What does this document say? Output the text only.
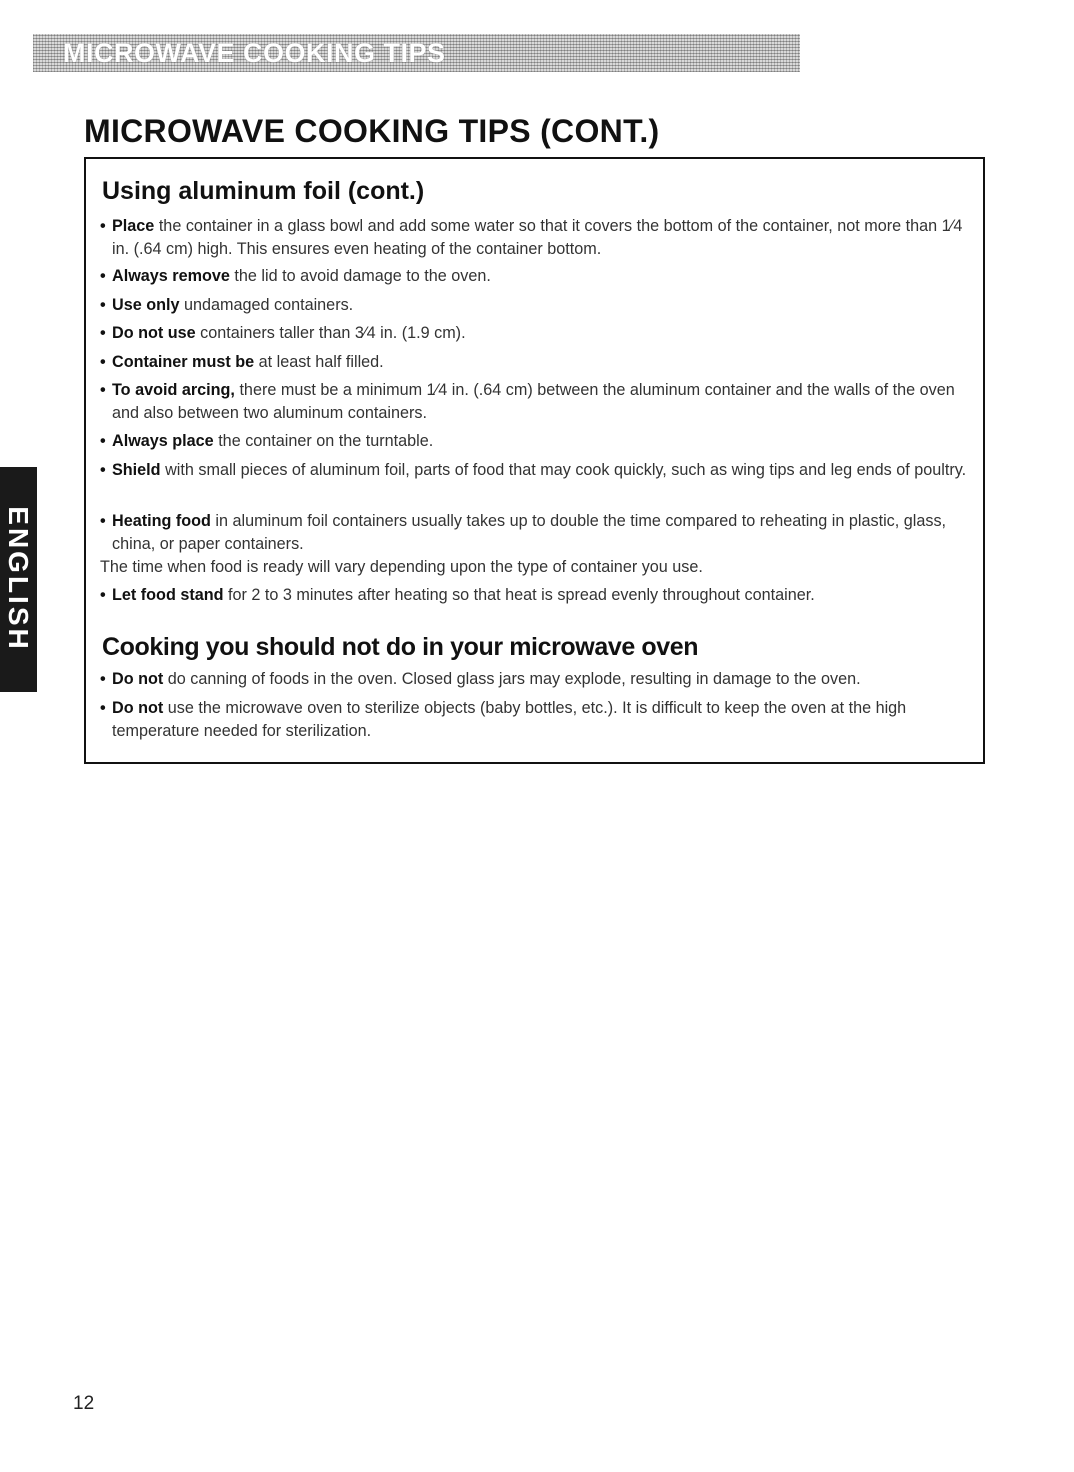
MICROWAVE COOKING TIPS
MICROWAVE COOKING TIPS (CONT.)
Using aluminum foil (cont.)
• Place the container in a glass bowl and add some water so that it covers the bottom of the container, not more than 1⁄4 in. (.64 cm) high. This ensures even heating of the container bottom.
• Always remove the lid to avoid damage to the oven.
• Use only undamaged containers.
• Do not use containers taller than 3⁄4 in. (1.9 cm).
• Container must be at least half filled.
• To avoid arcing, there must be a minimum 1⁄4 in. (.64 cm) between the aluminum container and the walls of the oven and also between two aluminum containers.
• Always place the container on the turntable.
• Shield with small pieces of aluminum foil, parts of food that may cook quickly, such as wing tips and leg ends of poultry.
• Heating food in aluminum foil containers usually takes up to double the time compared to reheating in plastic, glass, china, or paper containers.
The time when food is ready will vary depending upon the type of container you use.
• Let food stand for 2 to 3 minutes after heating so that heat is spread evenly throughout container.
Cooking you should not do in your microwave oven
• Do not do canning of foods in the oven. Closed glass jars may explode, resulting in damage to the oven.
• Do not use the microwave oven to sterilize objects (baby bottles, etc.). It is difficult to keep the oven at the high temperature needed for sterilization.
ENGLISH
12
